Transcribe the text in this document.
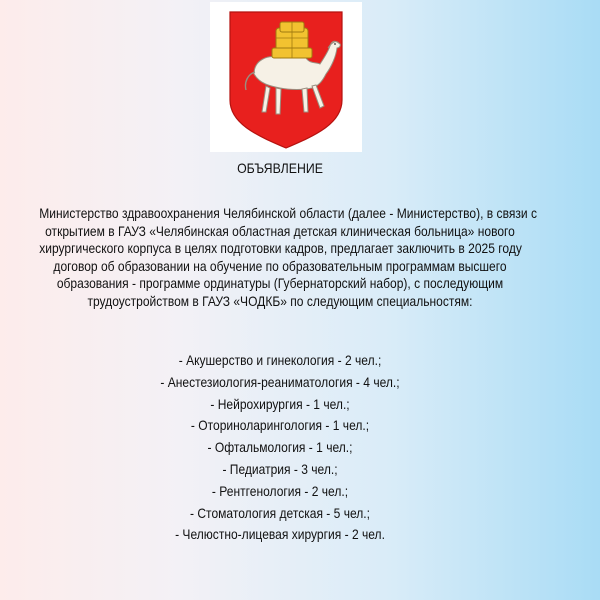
ОБЪЯВЛЕНИЕ
Министерство здравоохранения Челябинской области (далее - Министерство), в связи с
открытием в ГАУЗ «Челябинская областная детская клиническая больница» нового
хирургического корпуса в целях подготовки кадров, предлагает заключить в 2025 году
договор об образовании на обучение по образовательным программам высшего
образования - программе ординатуры (Губернаторский набор), с последующим
трудоустройством в ГАУЗ «ЧОДКБ» по следующим специальностям:
- Акушерство и гинекология - 2 чел.;
- Анестезиология-реаниматология - 4 чел.;
- Нейрохирургия - 1 чел.;
- Оториноларингология - 1 чел.;
- Офтальмология - 1 чел.;
- Педиатрия - 3 чел.;
- Рентгенология - 2 чел.;
- Стоматология детская - 5 чел.;
- Челюстно-лицевая хирургия - 2 чел.
